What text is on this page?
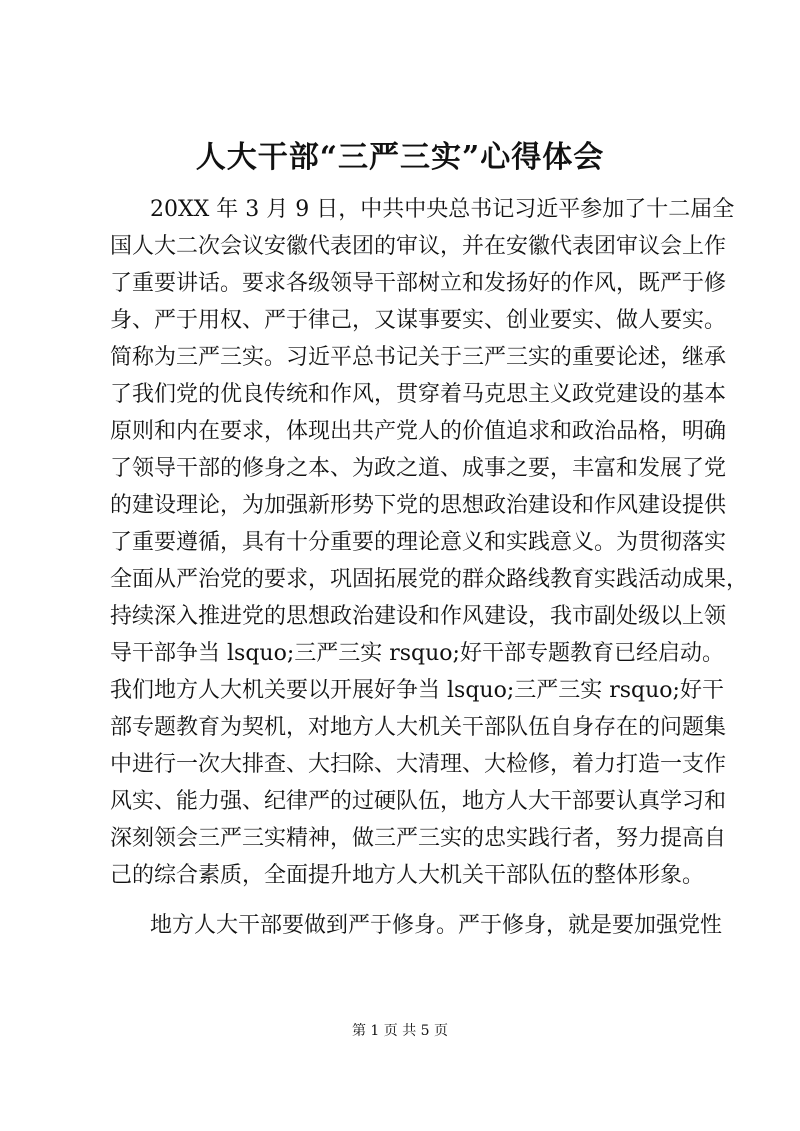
人大干部“三严三实”心得体会
20XX 年 3 月 9 日，中共中央总书记习近平参加了十二届全
国人大二次会议安徽代表团的审议，并在安徽代表团审议会上作
了重要讲话。要求各级领导干部树立和发扬好的作风，既严于修
身、严于用权、严于律己，又谋事要实、创业要实、做人要实。
简称为三严三实。习近平总书记关于三严三实的重要论述，继承
了我们党的优良传统和作风，贯穿着马克思主义政党建设的基本
原则和内在要求，体现出共产党人的价值追求和政治品格，明确
了领导干部的修身之本、为政之道、成事之要，丰富和发展了党
的建设理论，为加强新形势下党的思想政治建设和作风建设提供
了重要遵循，具有十分重要的理论意义和实践意义。为贯彻落实
全面从严治党的要求，巩固拓展党的群众路线教育实践活动成果，
持续深入推进党的思想政治建设和作风建设，我市副处级以上领
导干部争当 lsquo;三严三实 rsquo;好干部专题教育已经启动。
我们地方人大机关要以开展好争当 lsquo;三严三实 rsquo;好干
部专题教育为契机，对地方人大机关干部队伍自身存在的问题集
中进行一次大排查、大扫除、大清理、大检修，着力打造一支作
风实、能力强、纪律严的过硬队伍，地方人大干部要认真学习和
深刻领会三严三实精神，做三严三实的忠实践行者，努力提高自
己的综合素质，全面提升地方人大机关干部队伍的整体形象。
地方人大干部要做到严于修身。严于修身，就是要加强党性
第 1 页 共 5 页
